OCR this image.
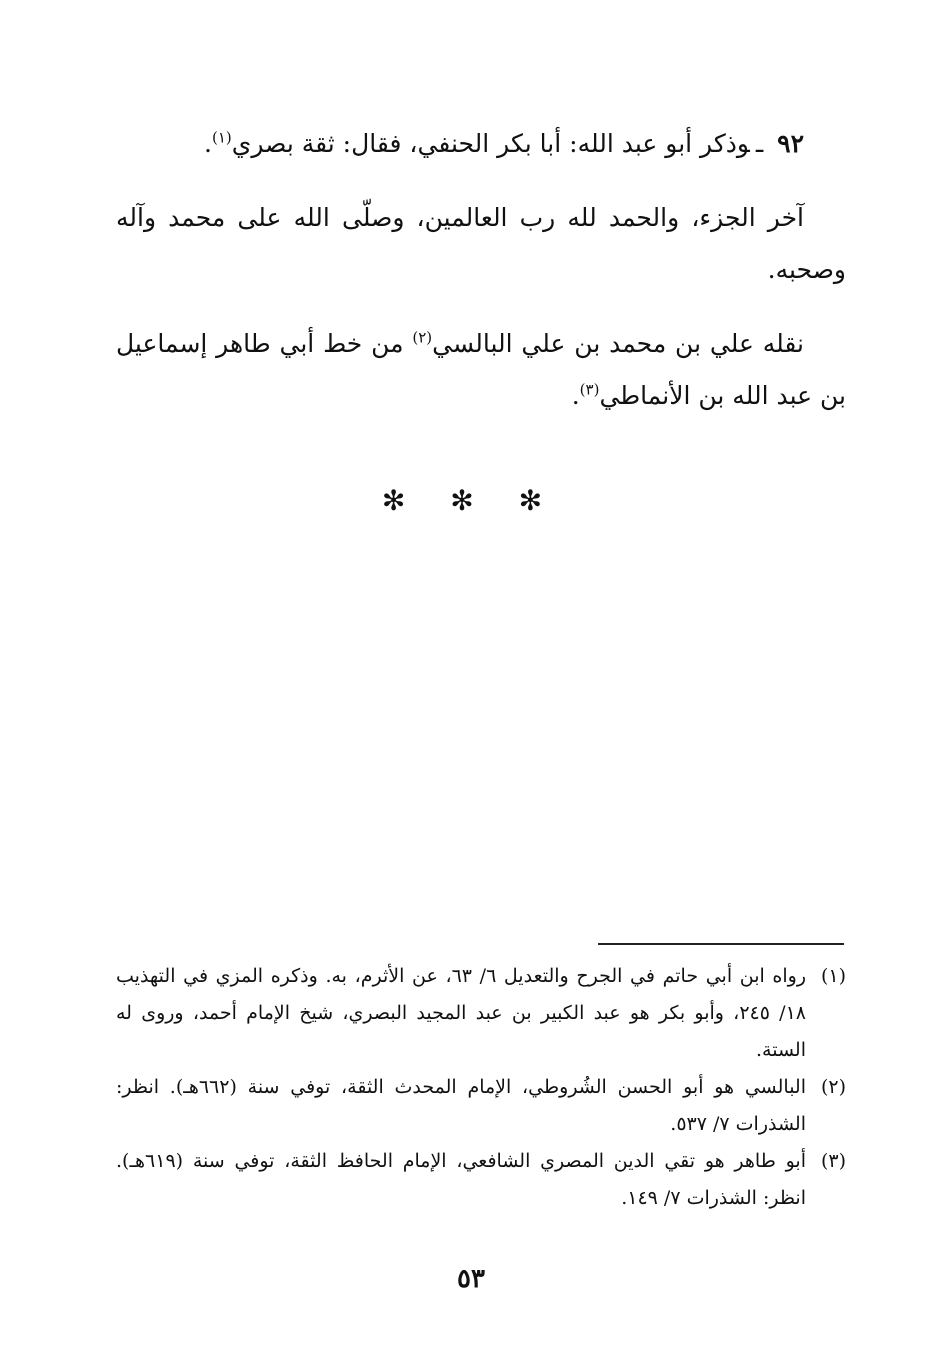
٩٢ـوذكر أبو عبد الله: أبا بكر الحنفي، فقال: ثقة بصري$^{(١)}$.

آخر الجزء، والحمد لله رب العالمين، وصلّى الله على محمد وآله وصحبه.

نقله علي بن محمد بن علي البالسي$^{(٢)}$ من خط أبي طاهر إسماعيل بن عبد الله بن الأنماطي$^{(٣)}$.

✻ ✻ ✻
(١)
رواه ابن أبي حاتم في الجرح والتعديل ٦/ ٦٣، عن الأثرم، به. وذكره المزي في التهذيب ١٨/ ٢٤٥، وأبو بكر هو عبد الكبير بن عبد المجيد البصري، شيخ الإمام أحمد، وروى له الستة.
(٢)
البالسي هو أبو الحسن الشُروطي، الإمام المحدث الثقة، توفي سنة (٦٦٢هـ). انظر: الشذرات ٧/ ٥٣٧.
(٣)
أبو طاهر هو تقي الدين المصري الشافعي، الإمام الحافظ الثقة، توفي سنة (٦١٩هـ). انظر: الشذرات ٧/ ١٤٩.
٥٣
